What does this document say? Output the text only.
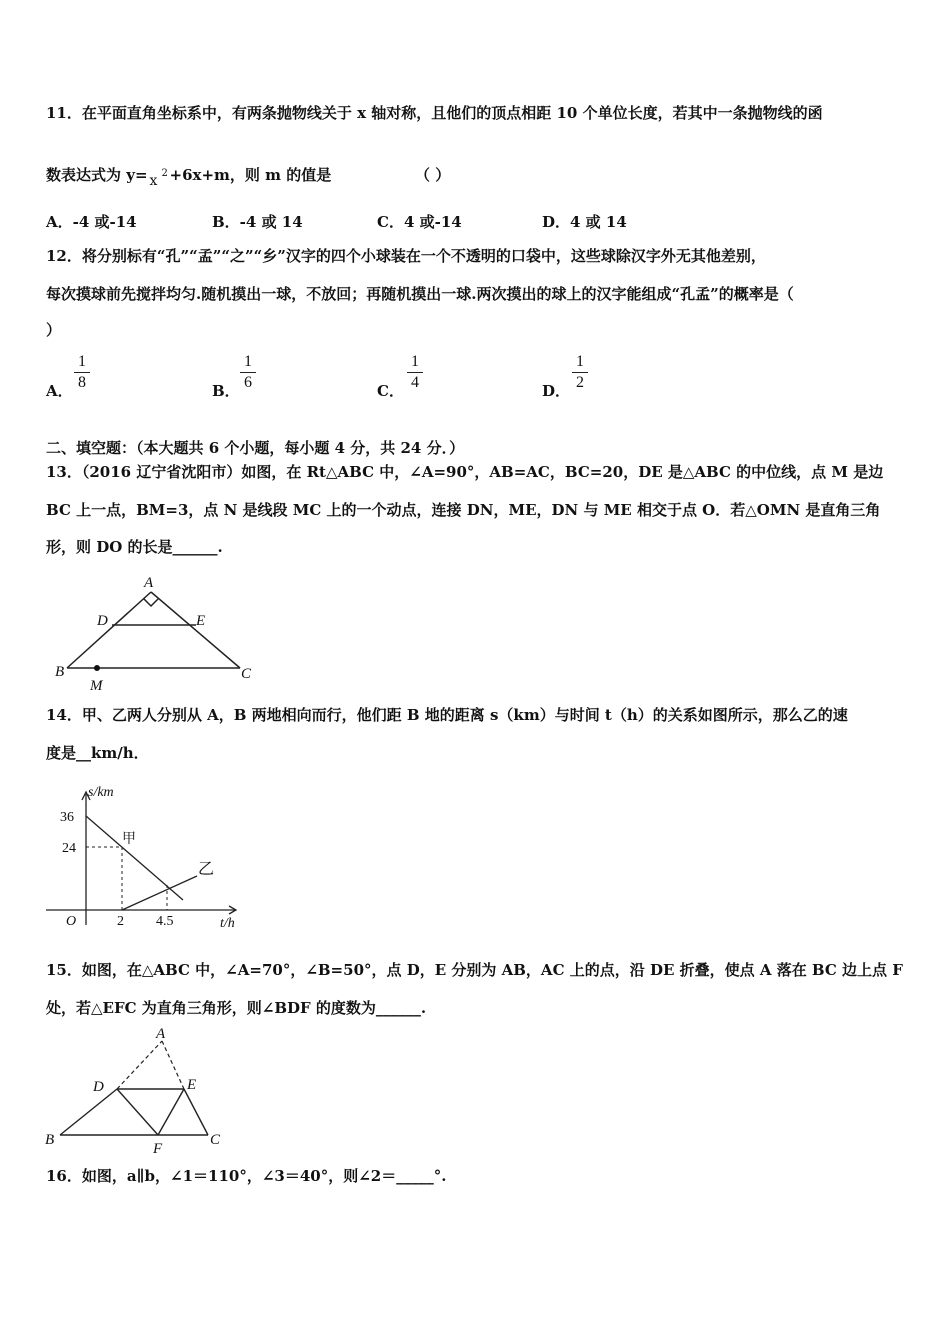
11．在平面直角坐标系中，有两条抛物线关于 x 轴对称，且他们的顶点相距 10 个单位长度，若其中一条抛物线的函
数表达式为 y= x 2 +6x+m，则 m 的值是	（ ）
A．-4 或-14	B．-4 或 14	C．4 或-14	D．4 或 14
12．将分别标有“孔”“孟”“之”“乡”汉字的四个小球装在一个不透明的口袋中，这些球除汉字外无其他差别，
每次摸球前先搅拌均匀.随机摸出一球，不放回；再随机摸出一球.两次摸出的球上的汉字能组成“孔孟”的概率是（
）
A．
1
8	B．
1
6	C．
1
4	D．
1
2
二、填空题：（本大题共 6 个小题，每小题 4 分，共 24 分．）
13．（2016 辽宁省沈阳市）如图，在 Rt△ABC 中，∠A=90°，AB=AC，BC=20，DE 是△ABC 的中位线，点 M 是边
BC 上一点，BM=3，点 N 是线段 MC 上的一个动点，连接 DN，ME，DN 与 ME 相交于点 O．若△OMN 是直角三角
形，则 DO 的长是______.
A
D	E
B	C
M
14．甲、乙两人分别从 A，B 两地相向而行，他们距 B 地的距离 s（km）与时间 t（h）的关系如图所示，那么乙的速
度是__km/h．
s/km
36
24
O	2 4.5	t/h
甲
乙
15．如图，在△ABC 中，∠A=70°，∠B=50°，点 D，E 分别为 AB，AC 上的点，沿 DE 折叠，使点 A 落在 BC 边上点 F
处，若△EFC 为直角三角形，则∠BDF 的度数为______.
A
D	E
B	C
F
16．如图，a∥b，∠1＝110°，∠3＝40°，则∠2＝_____°.
